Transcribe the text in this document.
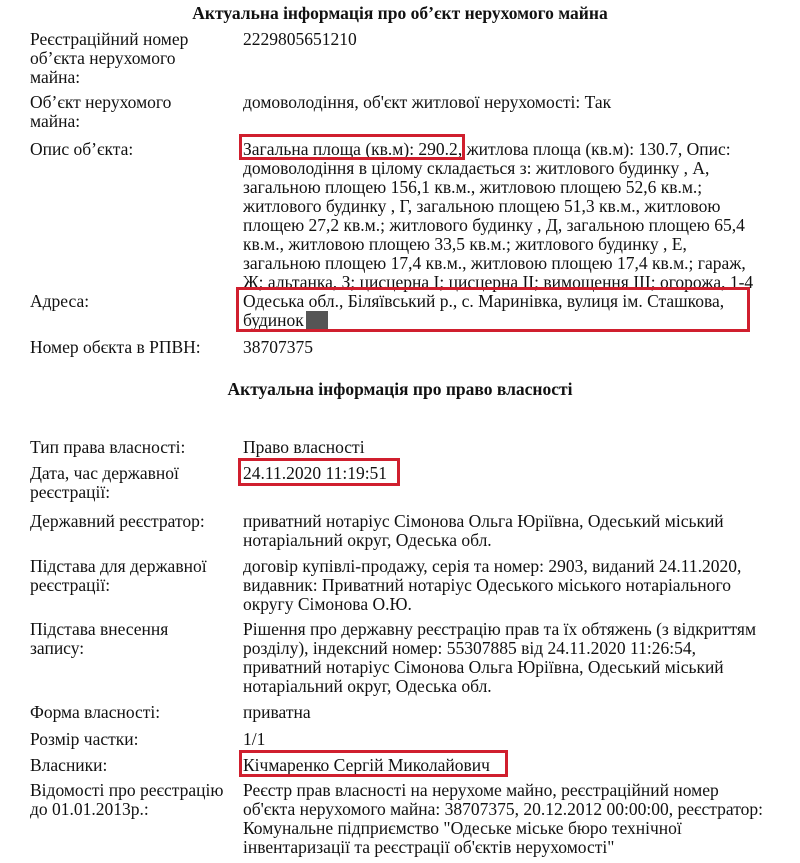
Актуальна інформація про об’єкт нерухомого майна
Реєстраційний номер
об’єкта нерухомого
майна:
2229805651210
Об’єкт нерухомого
майна:
домоволодіння, об'єкт житлової нерухомості: Так
Опис об’єкта:	Загальна площа (кв.м): 290.2, житлова площа (кв.м): 130.7, Опис:
домоволодіння в цілому складається з: житлового будинку , А,
загальною площею 156,1 кв.м., житловою площею 52,6 кв.м.;
житлового будинку , Г, загальною площею 51,3 кв.м., житловою
площею 27,2 кв.м.; житлового будинку , Д, загальною площею 65,4
кв.м., житловою площею 33,5 кв.м.; житлового будинку , Е,
загальною площею 17,4 кв.м., житловою площею 17,4 кв.м.; гараж,
Ж; альтанка, З; цисцерна I; цисцерна II; вимощення III; огорожа, 1-4
Адреса:	Одеська обл., Біляївський р., с. Маринівка, вулиця ім. Сташкова,
будинок
Номер обєкта в РПВН:	38707375
Актуальна інформація про право власності
Тип права власності:	Право власності
Дата, час державної
реєстрації:
24.11.2020 11:19:51
Державний реєстратор:	приватний нотаріус Сімонова Ольга Юріївна, Одеський міський
нотаріальний округ, Одеська обл.
Підстава для державної
реєстрації:
договір купівлі-продажу, серія та номер: 2903, виданий 24.11.2020,
видавник: Приватний нотаріус Одеського міського нотаріального
округу Сімонова О.Ю.
Підстава внесення
запису:
Рішення про державну реєстрацію прав та їх обтяжень (з відкриттям
розділу), індексний номер: 55307885 від 24.11.2020 11:26:54,
приватний нотаріус Сімонова Ольга Юріївна, Одеський міський
нотаріальний округ, Одеська обл.
Форма власності:	приватна
Розмір частки:	1/1
Власники:	Кічмаренко Сергій Миколайович
Відомості про реєстрацію
до 01.01.2013р.:
Реєстр прав власності на нерухоме майно, реєстраційний номер
об'єкта нерухомого майна: 38707375, 20.12.2012 00:00:00, реєстратор:
Комунальне підприємство "Одеське міське бюро технічної
інвентаризації та реєстрації об'єктів нерухомості"
